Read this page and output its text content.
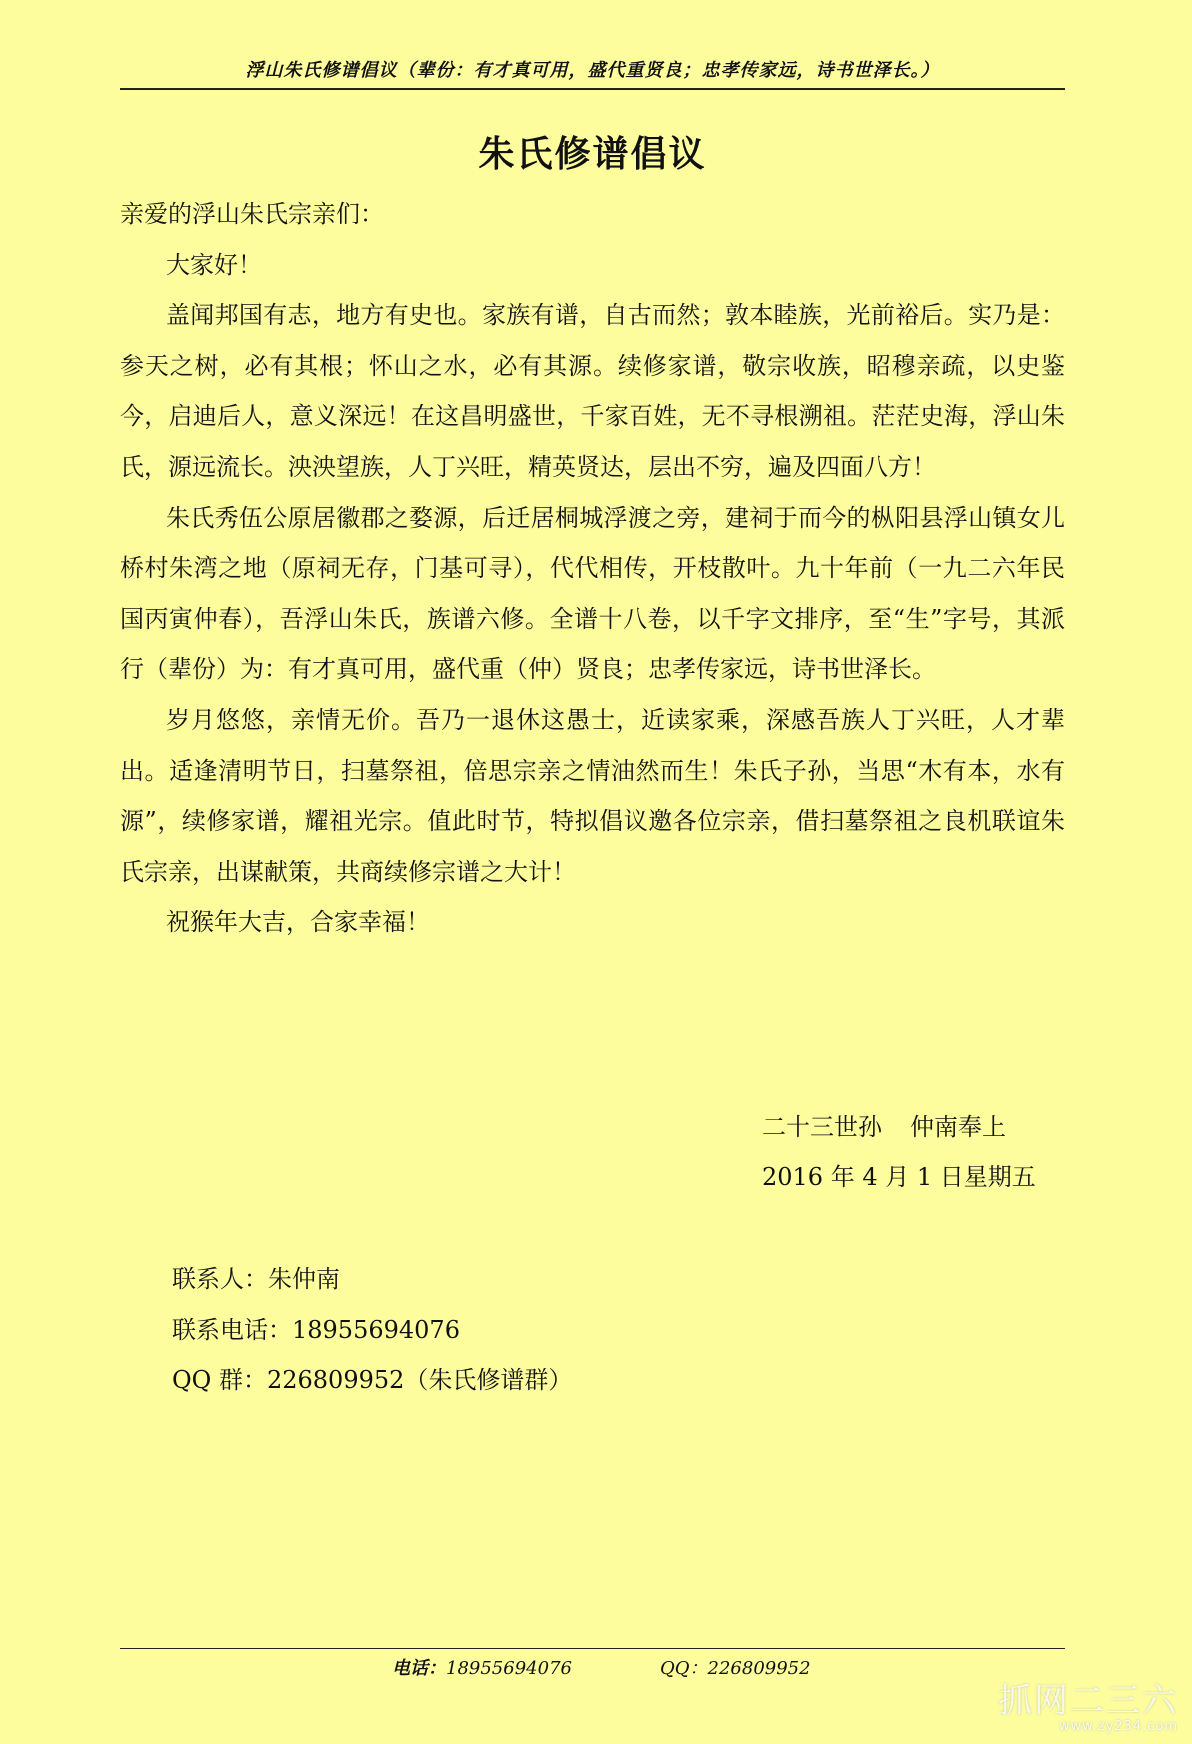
浮山朱氏修谱倡议（辈份：有才真可用，盛代重贤良；忠孝传家远，诗书世泽长。）
朱氏修谱倡议

亲爱的浮山朱氏宗亲们：

大家好！

盖闻邦国有志，地方有史也。家族有谱，自古而然；敦本睦族，光前裕后。实乃是：参天之树，必有其根；怀山之水，必有其源。续修家谱，敬宗收族，昭穆亲疏，以史鉴今，启迪后人，意义深远！在这昌明盛世，千家百姓，无不寻根溯祖。茫茫史海，浮山朱氏，源远流长。泱泱望族，人丁兴旺，精英贤达，层出不穷，遍及四面八方！

朱氏秀伍公原居徽郡之婺源，后迁居桐城浮渡之旁，建祠于而今的枞阳县浮山镇女儿桥村朱湾之地（原祠无存，门基可寻），代代相传，开枝散叶。九十年前（一九二六年民国丙寅仲春），吾浮山朱氏，族谱六修。全谱十八卷，以千字文排序，至“生”字号，其派行（辈份）为：有才真可用，盛代重（仲）贤良；忠孝传家远，诗书世泽长。

岁月悠悠，亲情无价。吾乃一退休这愚士，近读家乘，深感吾族人丁兴旺，人才辈出。适逢清明节日，扫墓祭祖，倍思宗亲之情油然而生！朱氏子孙，当思“木有本，水有源”，续修家谱，耀祖光宗。值此时节，特拟倡议邀各位宗亲，借扫墓祭祖之良机联谊朱氏宗亲，出谋献策，共商续修宗谱之大计！

祝猴年大吉，合家幸福！

二十三世孙 仲南奉上
2016 年 4 月 1 日星期五
联系人：朱仲南
联系电话：18955694076
QQ 群：226809952（朱氏修谱群）
电话：18955694076	QQ：226809952
抓网二三六
www.zy234.com
